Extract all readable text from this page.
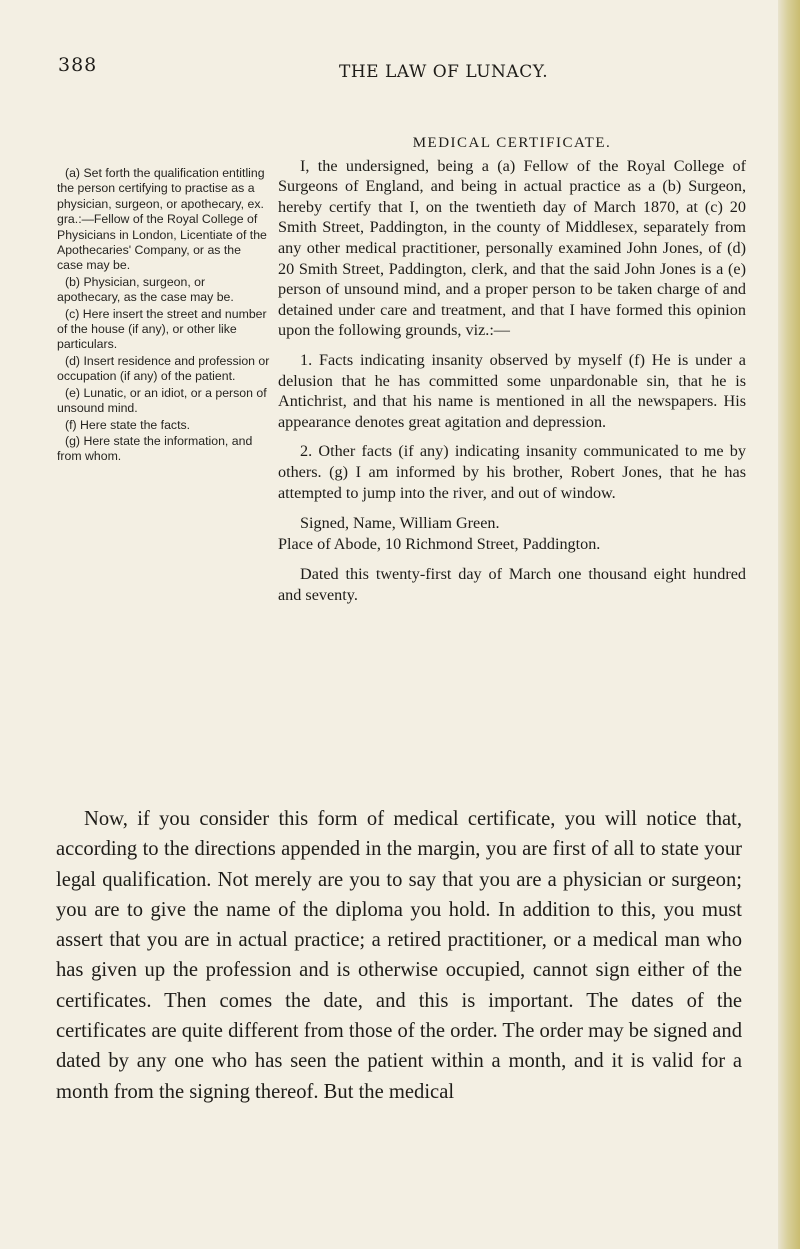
388	THE LAW OF LUNACY.

(a) Set forth the qualification entitling the person certifying to practise as a physician, surgeon, or apothecary, ex. gra.:—Fellow of the Royal College of Physicians in London, Licentiate of the Apothecaries' Company, or as the case may be.

(b) Physician, surgeon, or apothecary, as the case may be.

(c) Here insert the street and number of the house (if any), or other like particulars.

(d) Insert residence and profession or occupation (if any) of the patient.

(e) Lunatic, or an idiot, or a person of unsound mind.

(f) Here state the facts.

(g) Here state the information, and from whom.

MEDICAL CERTIFICATE.

I, the undersigned, being a (a) Fellow of the Royal College of Surgeons of England, and being in actual practice as a (b) Surgeon, hereby certify that I, on the twentieth day of March 1870, at (c) 20 Smith Street, Paddington, in the county of Middlesex, separately from any other medical practitioner, personally examined John Jones, of (d) 20 Smith Street, Paddington, clerk, and that the said John Jones is a (e) person of unsound mind, and a proper person to be taken charge of and detained under care and treatment, and that I have formed this opinion upon the following grounds, viz.:—

1. Facts indicating insanity observed by myself (f) He is under a delusion that he has committed some unpardonable sin, that he is Antichrist, and that his name is mentioned in all the newspapers. His appearance denotes great agitation and depression.

2. Other facts (if any) indicating insanity communicated to me by others. (g) I am informed by his brother, Robert Jones, that he has attempted to jump into the river, and out of window.

Signed, Name, William Green.

Place of Abode, 10 Richmond Street, Paddington.

Dated this twenty-first day of March one thousand eight hundred and seventy.

Now, if you consider this form of medical certificate, you will notice that, according to the directions appended in the margin, you are first of all to state your legal qualification. Not merely are you to say that you are a physician or surgeon; you are to give the name of the diploma you hold. In addition to this, you must assert that you are in actual practice; a retired practitioner, or a medical man who has given up the profession and is otherwise occupied, cannot sign either of the certificates. Then comes the date, and this is important. The dates of the certificates are quite different from those of the order. The order may be signed and dated by any one who has seen the patient within a month, and it is valid for a month from the signing thereof. But the medical
